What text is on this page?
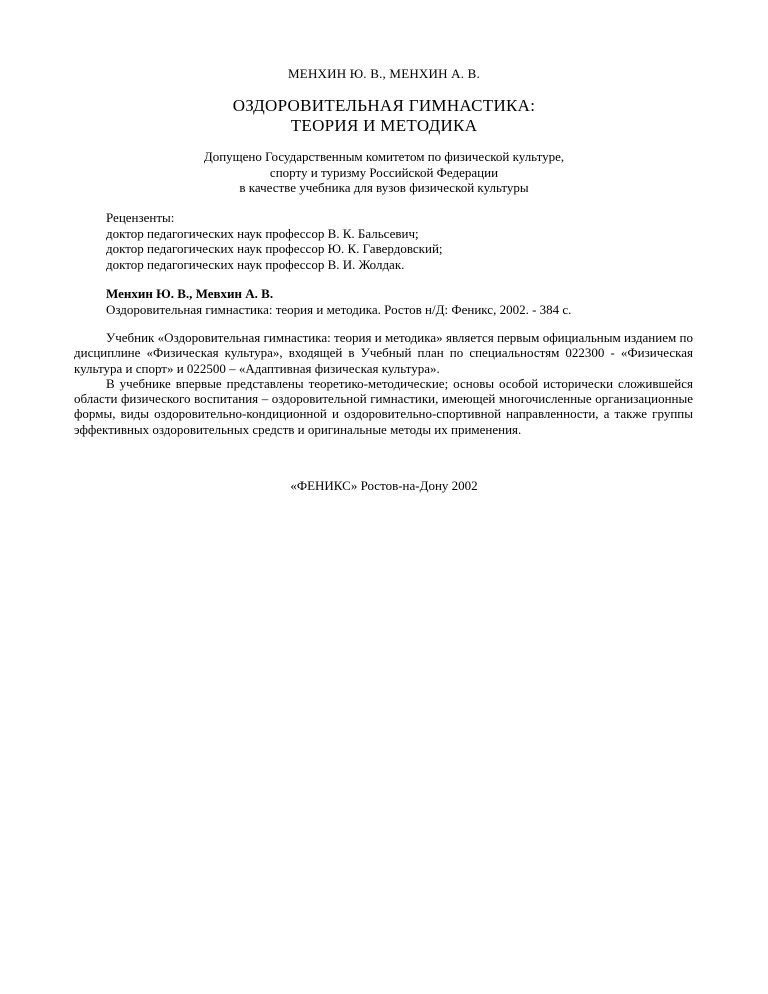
МЕНХИН Ю. В., МЕНХИН А. В.
ОЗДОРОВИТЕЛЬНАЯ ГИМНАСТИКА:
ТЕОРИЯ И МЕТОДИКА
Допущено Государственным комитетом по физической культуре,
спорту и туризму Российской Федерации
в качестве учебника для вузов физической культуры
Рецензенты:
доктор педагогических наук профессор В. К. Бальсевич;
доктор педагогических наук профессор Ю. К. Гавердовский;
доктор педагогических наук профессор В. И. Жолдак.
Менхин Ю. В., Мевхин А. В.
Оздоровительная гимнастика: теория и методика. Ростов н/Д: Феникс, 2002. - 384 с.

Учебник «Оздоровительная гимнастика: теория и методика» является первым официальным изданием по дисциплине «Физическая культура», входящей в Учебный план по специальностям 022300 - «Физическая культура и спорт» и 022500 – «Адаптивная физическая культура».

В учебнике впервые представлены теоретико-методические; основы особой исторически сложившейся области физического воспитания – оздоровительной гимнастики, имеющей многочисленные организационные формы, виды оздоровительно-кондиционной и оздоровительно-спортивной направленности, а также группы эффективных оздоровительных средств и оригинальные методы их применения.

«ФЕНИКС» Ростов-на-Дону 2002
